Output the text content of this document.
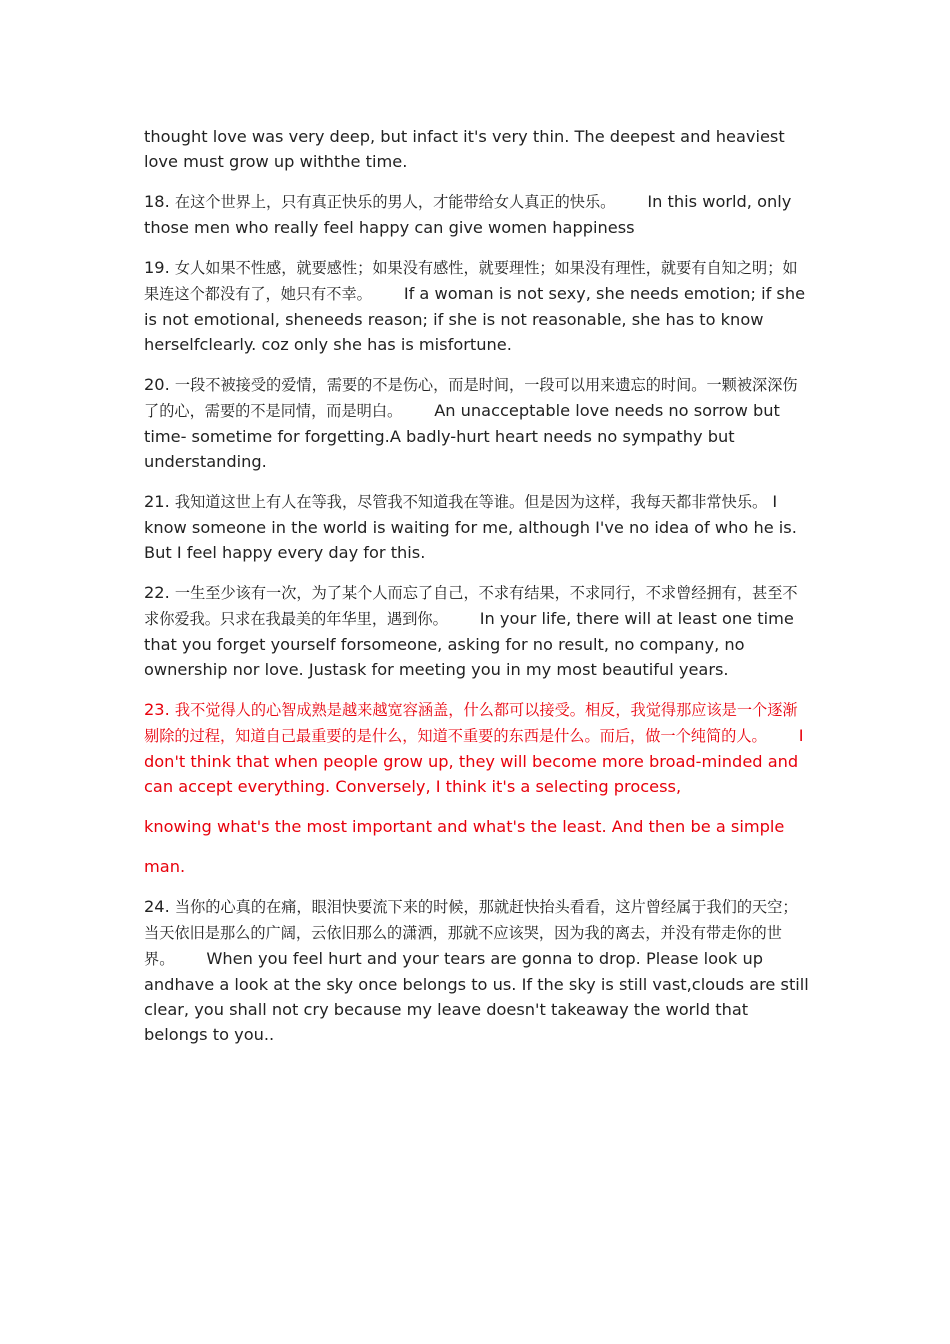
thought love was very deep, but infact it's very thin. The deepest and heaviest love must grow up withthe time.

18. 在这个世界上，只有真正快乐的男人，才能带给女人真正的快乐。 In this world, only those men who really feel happy can give women happiness

19. 女人如果不性感，就要感性；如果没有感性，就要理性；如果没有理性，就要有自知之明；如果连这个都没有了，她只有不幸。 If a woman is not sexy, she needs emotion; if she is not emotional, sheneeds reason; if she is not reasonable, she has to know herselfclearly. coz only she has is misfortune.

20. 一段不被接受的爱情，需要的不是伤心，而是时间，一段可以用来遗忘的时间。一颗被深深伤了的心，需要的不是同情，而是明白。 An unacceptable love needs no sorrow but time- sometime for forgetting.A badly-hurt heart needs no sympathy but understanding.

21. 我知道这世上有人在等我，尽管我不知道我在等谁。但是因为这样，我每天都非常快乐。 I know someone in the world is waiting for me, although I've no idea of who he is. But I feel happy every day for this.

22. 一生至少该有一次，为了某个人而忘了自己，不求有结果，不求同行，不求曾经拥有，甚至不求你爱我。只求在我最美的年华里，遇到你。 In your life, there will at least one time that you forget yourself forsomeone, asking for no result, no company, no ownership nor love. Justask for meeting you in my most beautiful years.

23. 我不觉得人的心智成熟是越来越宽容涵盖，什么都可以接受。相反，我觉得那应该是一个逐渐剔除的过程，知道自己最重要的是什么，知道不重要的东西是什么。而后，做一个纯简的人。 I don't think that when people grow up, they will become more broad-minded and can accept everything. Conversely, I think it's a selecting process,

knowing what's the most important and what's the least. And then be a simple

man.

24. 当你的心真的在痛，眼泪快要流下来的时候，那就赶快抬头看看，这片曾经属于我们的天空；当天依旧是那么的广阔，云依旧那么的潇洒，那就不应该哭，因为我的离去，并没有带走你的世界。 When you feel hurt and your tears are gonna to drop. Please look up andhave a look at the sky once belongs to us. If the sky is still vast,clouds are still clear, you shall not cry because my leave doesn't takeaway the world that belongs to you..
